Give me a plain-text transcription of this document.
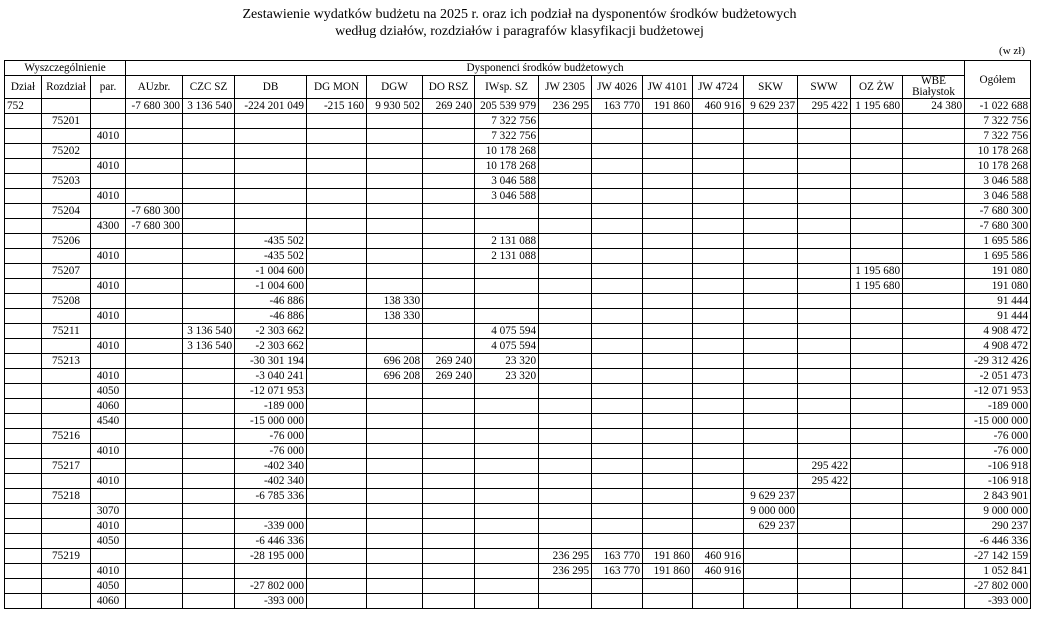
Zestawienie wydatków budżetu na 2025 r. oraz ich podział na dysponentów środków budżetowych
według działów, rozdziałów i paragrafów klasyfikacji budżetowej
(w zł)
Wyszczególnienie			Dysponenci środków budżetowych															Ogółem
Dział	Rozdział	par.	AUzbr.	CZC SZ	DB	DG MON	DGW	DO RSZ	IWsp. SZ	JW 2305	JW 4026	JW 4101	JW 4724	SKW	SWW	OZ ŻW	WBE Białystok	
752			-7 680 300	3 136 540	-224 201 049	-215 160	9 930 502	269 240	205 539 979	236 295	163 770	191 860	460 916	9 629 237	295 422	1 195 680	24 380	-1 022 688
	75201								7 322 756									7 322 756
		4010							7 322 756									7 322 756
	75202								10 178 268									10 178 268
		4010							10 178 268									10 178 268
	75203								3 046 588									3 046 588
		4010							3 046 588									3 046 588
	75204		-7 680 300															-7 680 300
		4300	-7 680 300															-7 680 300
	75206				-435 502				2 131 088									1 695 586
		4010			-435 502				2 131 088									1 695 586
	75207				-1 004 600											1 195 680		191 080
		4010			-1 004 600											1 195 680		191 080
	75208				-46 886		138 330											91 444
		4010			-46 886		138 330											91 444
	75211			3 136 540	-2 303 662				4 075 594									4 908 472
		4010		3 136 540	-2 303 662				4 075 594									4 908 472
	75213				-30 301 194		696 208	269 240	23 320									-29 312 426
		4010			-3 040 241		696 208	269 240	23 320									-2 051 473
		4050			-12 071 953													-12 071 953
		4060			-189 000													-189 000
		4540			-15 000 000													-15 000 000
	75216				-76 000													-76 000
		4010			-76 000													-76 000
	75217				-402 340										295 422			-106 918
		4010			-402 340										295 422			-106 918
	75218				-6 785 336									9 629 237				2 843 901
		3070												9 000 000				9 000 000
		4010			-339 000									629 237				290 237
		4050			-6 446 336													-6 446 336
	75219				-28 195 000					236 295	163 770	191 860	460 916					-27 142 159
		4010								236 295	163 770	191 860	460 916					1 052 841
		4050			-27 802 000													-27 802 000
		4060			-393 000													-393 000
